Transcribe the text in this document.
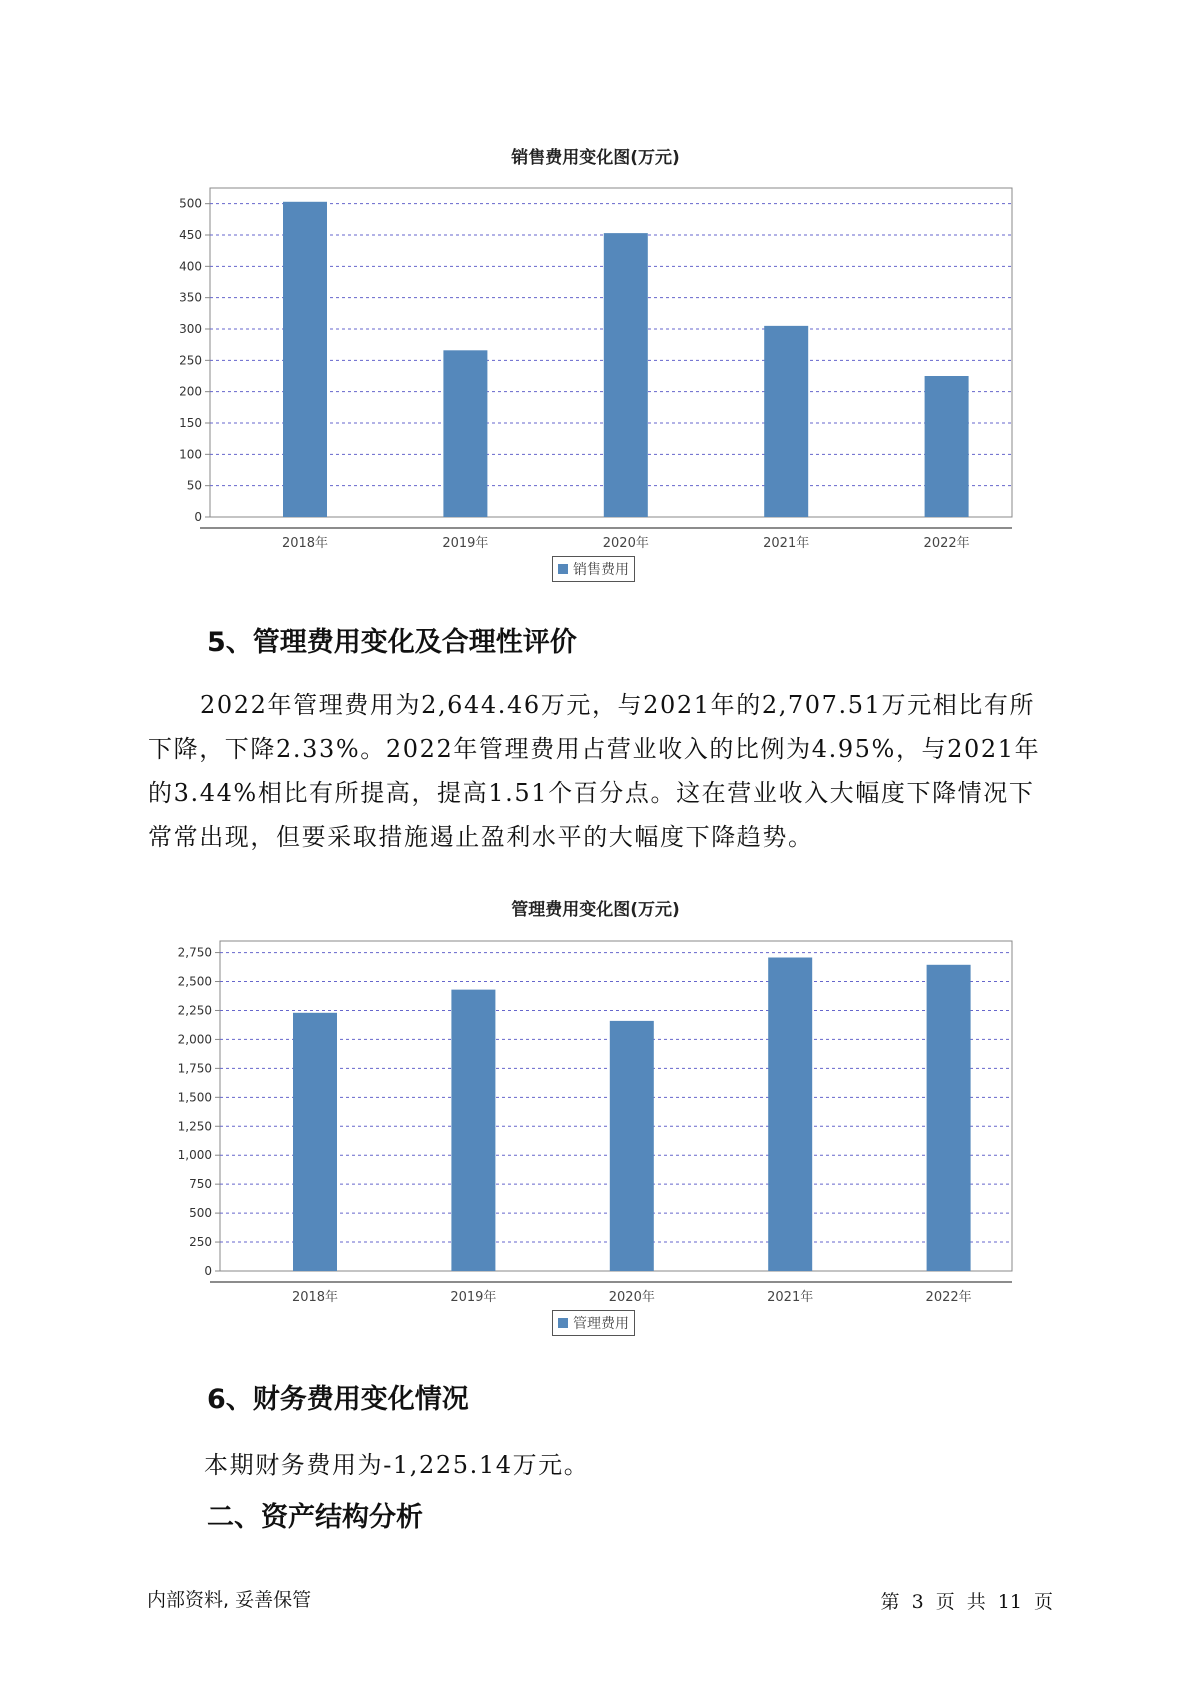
销售费用变化图(万元)
0
50
100
150
200
250
300
350
400
450
500
2018年	2019年	2020年	2021年	2022年
销售费用
5、管理费用变化及合理性评价

2022年管理费用为2,644.46万元，与2021年的2,707.51万元相比有所下降，下降2.33%。2022年管理费用占营业收入的比例为4.95%，与2021年的3.44%相比有所提高，提高1.51个百分点。这在营业收入大幅度下降情况下常常出现，但要采取措施遏止盈利水平的大幅度下降趋势。

管理费用变化图(万元)
0
250
500
750
1,000
1,250
1,500
1,750
2,000
2,250
2,500
2,750
2018年	2019年	2020年	2021年	2022年
管理费用
6、财务费用变化情况
本期财务费用为-1,225.14万元。
二、资产结构分析
内部资料, 妥善保管	第 3 页 共 11 页
